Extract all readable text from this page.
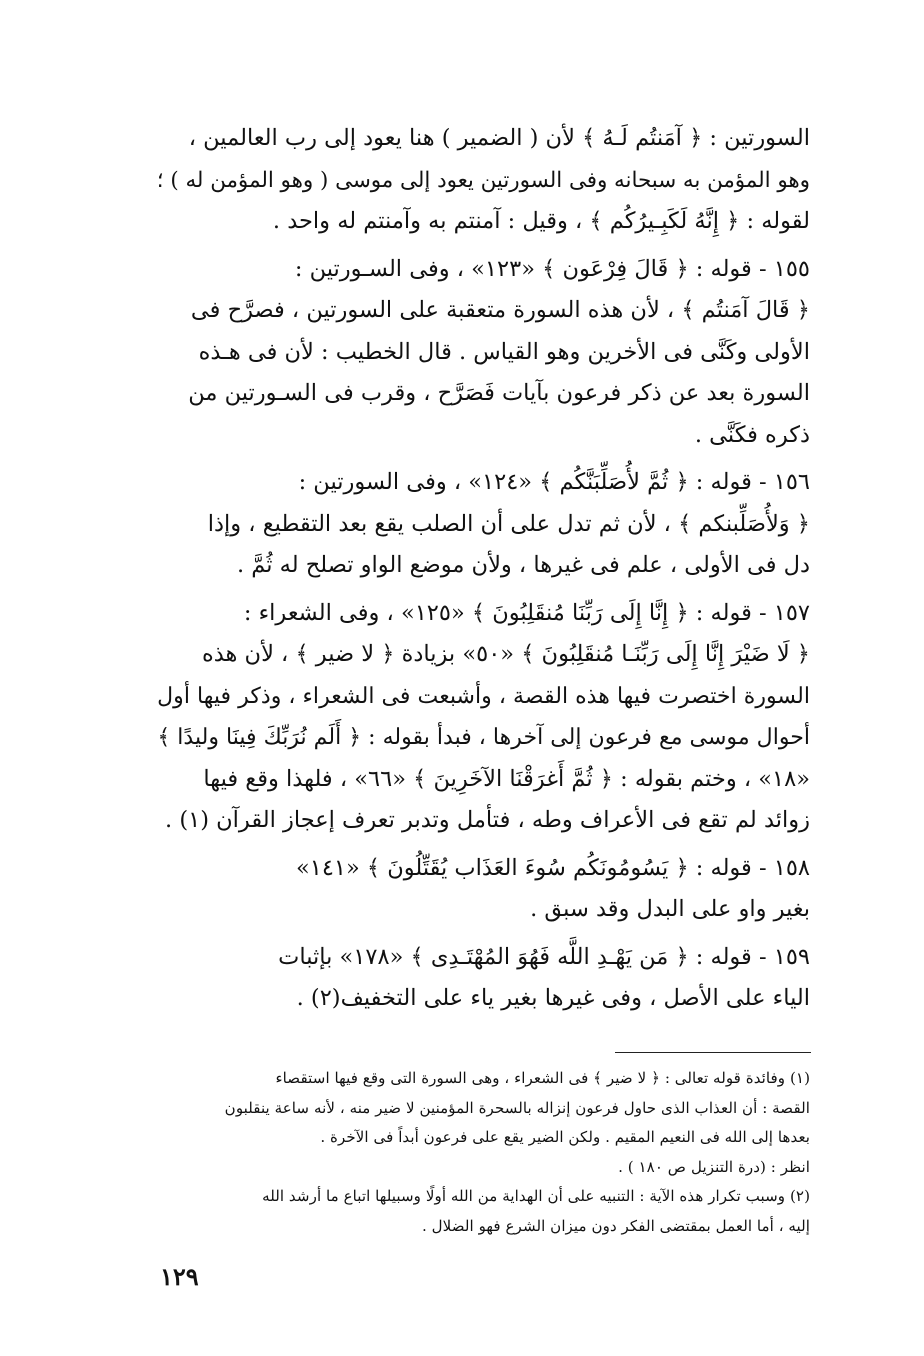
السورتين : ﴿ آمَنتُم لَـهُ ﴾ لأن ( الضمير ) هنا يعود إلى رب العالمين ،
وهو المؤمن به سبحانه وفى السورتين يعود إلى موسى ( وهو المؤمن له ) ؛
لقوله : ﴿ إِنَّهُ لَكَبِـيرُكُم ﴾ ، وقيل : آمنتم به وآمنتم له واحد .
١٥٥ - قوله : ﴿ قَالَ فِرْعَون ﴾ «١٢٣» ، وفى السـورتين :
﴿ قَالَ آمَنتُم ﴾ ، لأن هذه السورة متعقبة على السورتين ، فصرَّح فى
الأولى وكَنَّى فى الأخرين وهو القياس . قال الخطيب : لأن فى هـذه
السورة بعد عن ذكر فرعون بآيات فَصَرَّح ، وقرب فى السـورتين من
ذكره فكَنَّى .
١٥٦ - قوله : ﴿ ثُمَّ لأُصَلِّبَنَّكُم ﴾ «١٢٤» ، وفى السورتين :
﴿ وَلأُصَلِّبنكم ﴾ ، لأن ثم تدل على أن الصلب يقع بعد التقطيع ، وإذا
دل فى الأولى ، علم فى غيرها ، ولأن موضع الواو تصلح له ثُمَّ .
١٥٧ - قوله : ﴿ إِنَّا إِلَى رَبِّنَا مُنقَلِبُونَ ﴾ «١٢٥» ، وفى الشعراء :
﴿ لَا ضَيْرَ إِنَّا إِلَى رَبِّنَـا مُنقَلِبُونَ ﴾ «٥٠» بزيادة ﴿ لا ضير ﴾ ، لأن هذه
السورة اختصرت فيها هذه القصة ، وأشبعت فى الشعراء ، وذكر فيها أول
أحوال موسى مع فرعون إلى آخرها ، فبدأ بقوله : ﴿ أَلَم نُرَبِّكَ فِينَا وليدًا ﴾
«١٨» ، وختم بقوله : ﴿ ثُمَّ أَغرَقْنَا الآخَرِينَ ﴾ «٦٦» ، فلهذا وقع فيها
زوائد لم تقع فى الأعراف وطه ، فتأمل وتدبر تعرف إعجاز القرآن (١) .
١٥٨ - قوله : ﴿ يَسُومُونَكُم سُوءَ العَذَاب يُقَتِّلُونَ ﴾ «١٤١»
بغير واو على البدل وقد سبق .
١٥٩ - قوله : ﴿ مَن يَهْـدِ اللَّه فَهُوَ المُهْتَـدِى ﴾ «١٧٨» بإثبات
الياء على الأصل ، وفى غيرها بغير ياء على التخفيف(٢) .
(١) وفائدة قوله تعالى : ﴿ لا ضير ﴾ فى الشعراء ، وهى السورة التى وقع فيها استقصاء
القصة : أن العذاب الذى حاول فرعون إنزاله بالسحرة المؤمنين لا ضير منه ، لأنه ساعة ينقلبون
بعدها إلى الله فى النعيم المقيم . ولكن الضير يقع على فرعون أبداً فى الآخرة .
انظر : (درة التنزيل ص ١٨٠ ) .
(٢) وسبب تكرار هذه الآية : التنبيه على أن الهداية من الله أولًا وسبيلها اتباع ما أرشد الله
إليه ، أما العمل بمقتضى الفكر دون ميزان الشرع فهو الضلال .
١٢٩
